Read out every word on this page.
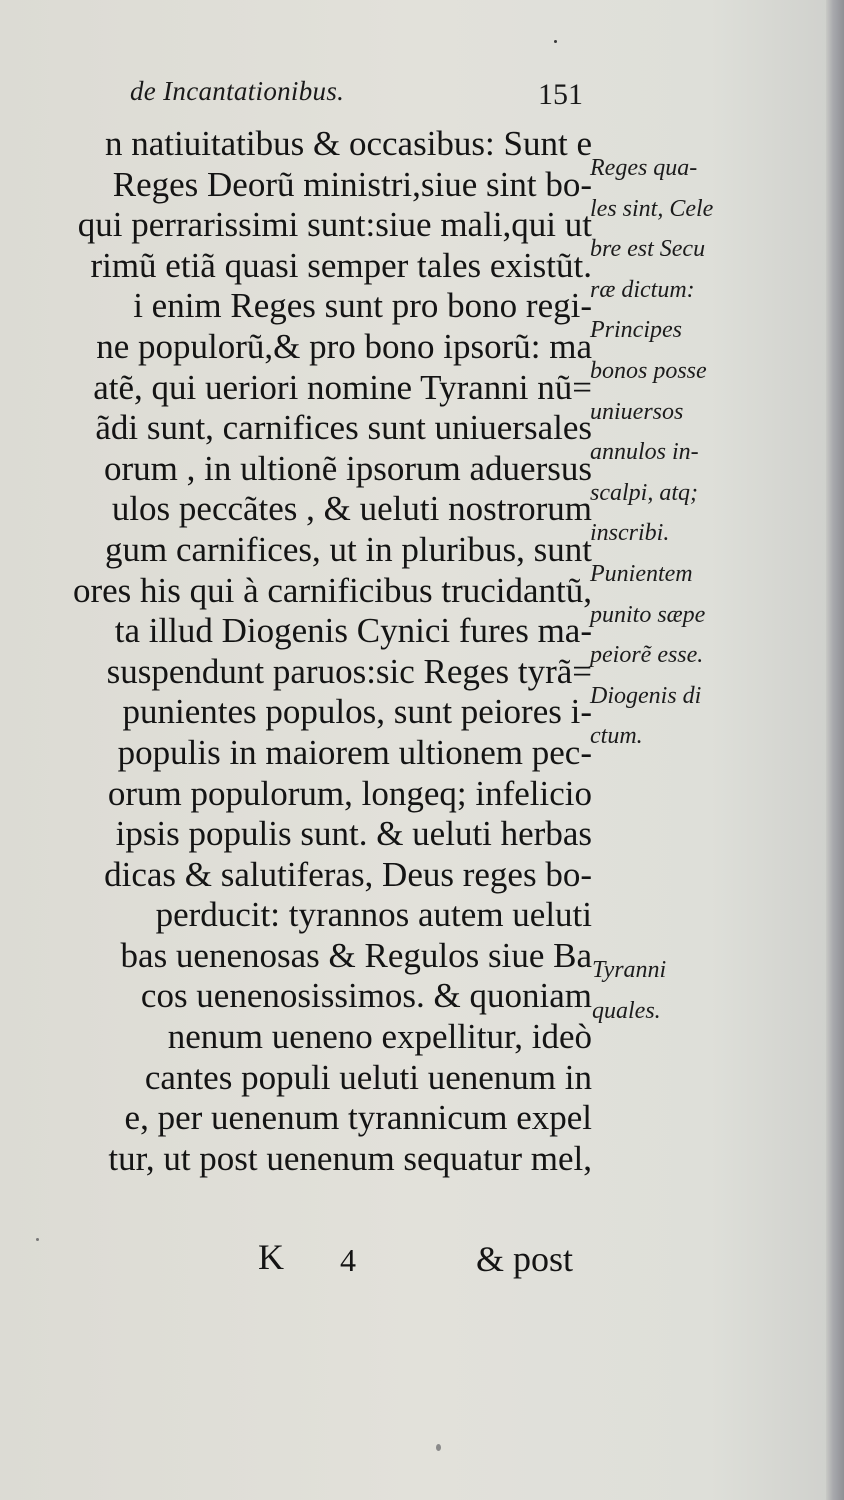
de Incantationibus.	151
n natiuitatibus & occasibus: Sunt e
Reges Deorũ ministri,siue sint bo-
qui perrarissimi sunt:siue mali,qui ut
rimũ etiã quasi semper tales existũt.
i enim Reges sunt pro bono regi-
ne populorũ,& pro bono ipsorũ: ma
atẽ, qui ueriori nomine Tyranni nũ=
ãdi sunt, carnifices sunt uniuersales
orum , in ultionẽ ipsorum aduersus
ulos peccãtes , & ueluti nostrorum
gum carnifices, ut in pluribus, sunt
ores his qui à carnificibus trucidantũ,
ta illud Diogenis Cynici fures ma-
suspendunt paruos:sic Reges tyrã=
punientes populos, sunt peiores i-
populis in maiorem ultionem pec-
orum populorum, longeq; infelicio
ipsis populis sunt. & ueluti herbas
dicas & salutiferas, Deus reges bo-
perducit: tyrannos autem ueluti
bas uenenosas & Regulos siue Ba
cos uenenosissimos. & quoniam
nenum ueneno expellitur, ideò
cantes populi ueluti uenenum in
e, per uenenum tyrannicum expel
tur, ut post uenenum sequatur mel,
Reges qua-
les sint, Cele
bre est Secu
ræ dictum:
Principes
bonos posse
uniuersos
annulos in-
scalpi, atq;
inscribi.
Punientem
punito sæpe
peiorẽ esse.
Diogenis di
ctum.
Tyranni
quales.
K 4	& post
